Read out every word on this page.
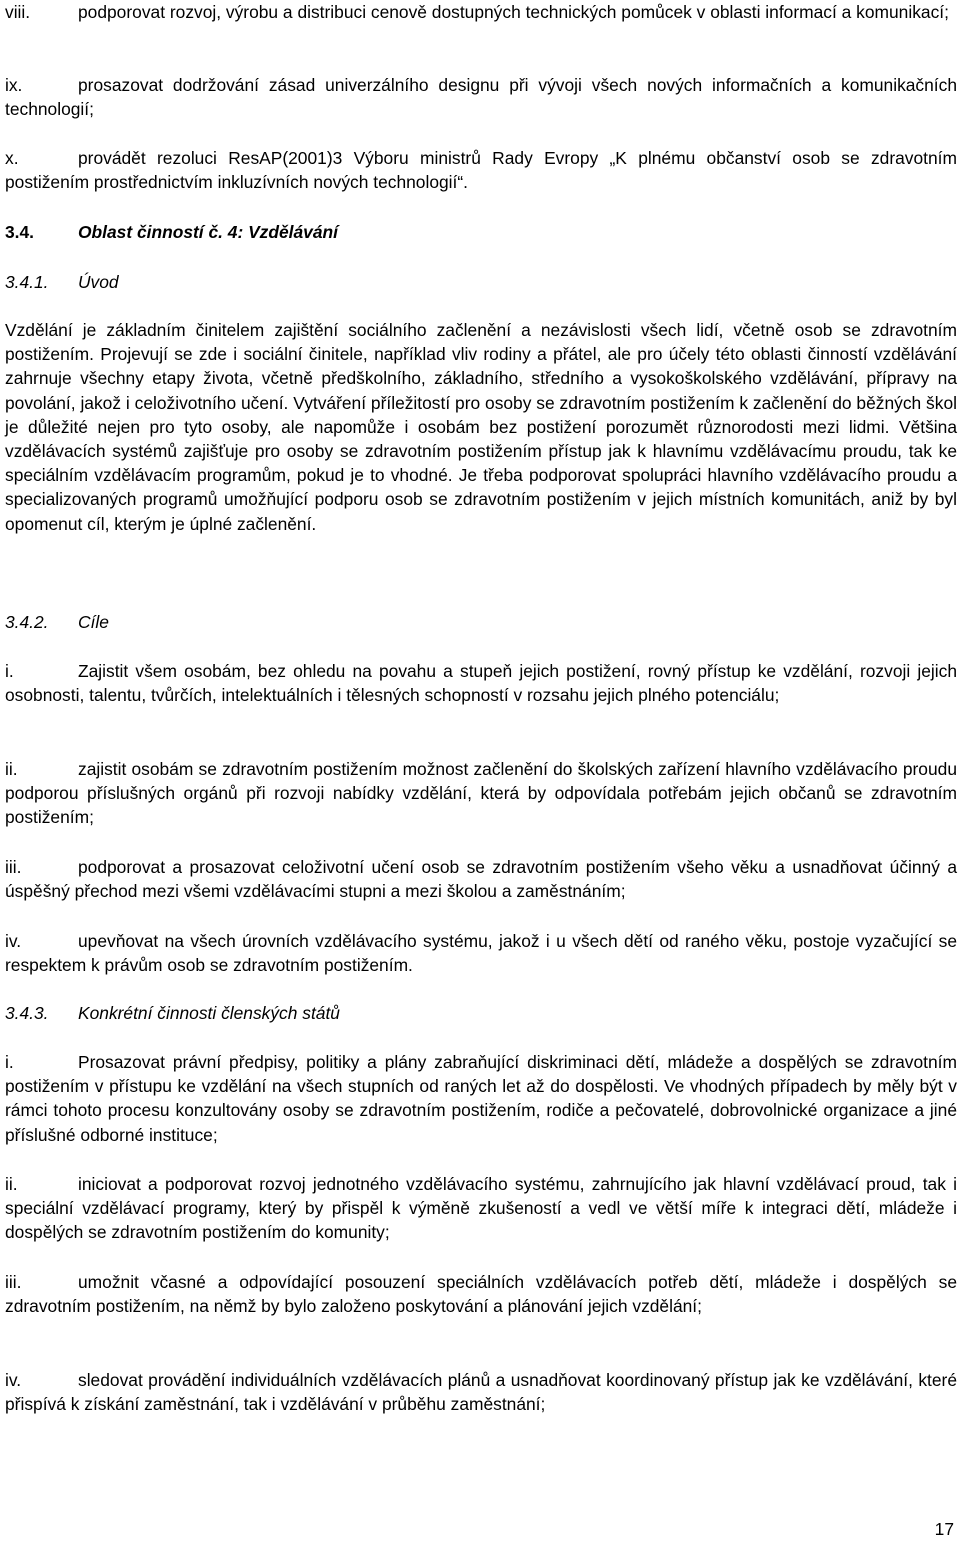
viii.	podporovat rozvoj, výrobu a distribuci cenově dostupných technických pomůcek v oblasti informací a komunikací;
ix.	prosazovat dodržování zásad univerzálního designu při vývoji všech nových informačních a komunikačních technologií;
x.	provádět rezoluci ResAP(2001)3 Výboru ministrů Rady Evropy „K plnému občanství osob se zdravotním postižením prostřednictvím inkluzívních nových technologií“.
3.4.	Oblast činností č. 4: Vzdělávání
3.4.1. Úvod

Vzdělání je základním činitelem zajištění sociálního začlenění a nezávislosti všech lidí, včetně osob se zdravotním postižením. Projevují se zde i sociální činitele, například vliv rodiny a přátel, ale pro účely této oblasti činností vzdělávání zahrnuje všechny etapy života, včetně předškolního, základního, středního a vysokoškolského vzdělávání, přípravy na povolání, jakož i celoživotního učení. Vytváření příležitostí pro osoby se zdravotním postižením k začlenění do běžných škol je důležité nejen pro tyto osoby, ale napomůže i osobám bez postižení porozumět různorodosti mezi lidmi. Většina vzdělávacích systémů zajišťuje pro osoby se zdravotním postižením přístup jak k hlavnímu vzdělávacímu proudu, tak ke speciálním vzdělávacím programům, pokud je to vhodné. Je třeba podporovat spolupráci hlavního vzdělávacího proudu a specializovaných programů umožňující podporu osob se zdravotním postižením v jejich místních komunitách, aniž by byl opomenut cíl, kterým je úplné začlenění.

3.4.2. Cíle
i.	Zajistit všem osobám, bez ohledu na povahu a stupeň jejich postižení, rovný přístup ke vzdělání, rozvoji jejich osobnosti, talentu, tvůrčích, intelektuálních i tělesných schopností v rozsahu jejich plného potenciálu;
ii.	zajistit osobám se zdravotním postižením možnost začlenění do školských zařízení hlavního vzdělávacího proudu podporou příslušných orgánů při rozvoji nabídky vzdělání, která by odpovídala potřebám jejich občanů se zdravotním postižením;
iii.	podporovat a prosazovat celoživotní učení osob se zdravotním postižením všeho věku a usnadňovat účinný a úspěšný přechod mezi všemi vzdělávacími stupni a mezi školou a zaměstnáním;
iv.	upevňovat na všech úrovních vzdělávacího systému, jakož i u všech dětí od raného věku, postoje vyzačující se respektem k právům osob se zdravotním postižením.
3.4.3. Konkrétní činnosti členských států
i.	Prosazovat právní předpisy, politiky a plány zabraňující diskriminaci dětí, mládeže a dospělých se zdravotním postižením v přístupu ke vzdělání na všech stupních od raných let až do dospělosti. Ve vhodných případech by měly být v rámci tohoto procesu konzultovány osoby se zdravotním postižením, rodiče a pečovatelé, dobrovolnické organizace a jiné příslušné odborné instituce;
ii.	iniciovat a podporovat rozvoj jednotného vzdělávacího systému, zahrnujícího jak hlavní vzdělávací proud, tak i speciální vzdělávací programy, který by přispěl k výměně zkušeností a vedl ve větší míře k integraci dětí, mládeže i dospělých se zdravotním postižením do komunity;
iii.	umožnit včasné a odpovídající posouzení speciálních vzdělávacích potřeb dětí, mládeže i dospělých se zdravotním postižením, na němž by bylo založeno poskytování a plánování jejich vzdělání;
iv.	sledovat provádění individuálních vzdělávacích plánů a usnadňovat koordinovaný přístup jak ke vzdělávání, které přispívá k získání zaměstnání, tak i vzdělávání v průběhu zaměstnání;
17
